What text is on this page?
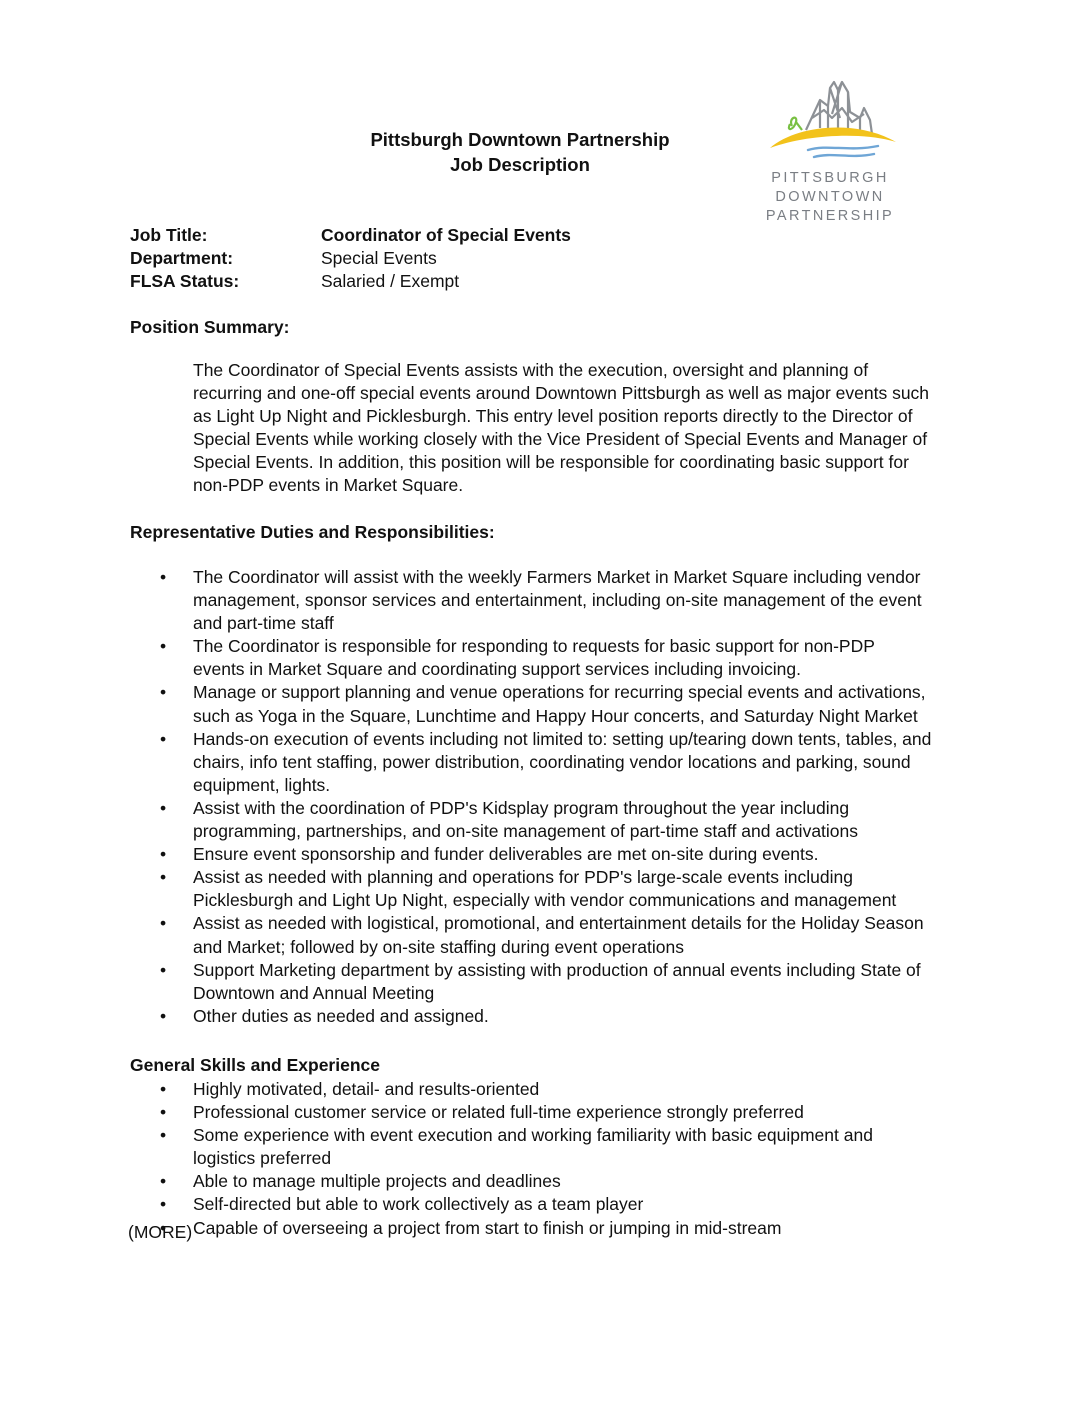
Pittsburgh Downtown Partnership
Job Description
PITTSBURGH
DOWNTOWN
PARTNERSHIP
Job Title:	Coordinator of Special Events
Department:	Special Events
FLSA Status:	Salaried / Exempt
Position Summary:
The Coordinator of Special Events assists with the execution, oversight and planning of
recurring and one-off special events around Downtown Pittsburgh as well as major events such
as Light Up Night and Picklesburgh. This entry level position reports directly to the Director of
Special Events while working closely with the Vice President of Special Events and Manager of
Special Events. In addition, this position will be responsible for coordinating basic support for
non-PDP events in Market Square.
Representative Duties and Responsibilities:
• The Coordinator will assist with the weekly Farmers Market in Market Square including vendor
management, sponsor services and entertainment, including on-site management of the event
and part-time staff
• The Coordinator is responsible for responding to requests for basic support for non-PDP
events in Market Square and coordinating support services including invoicing.
• Manage or support planning and venue operations for recurring special events and activations,
such as Yoga in the Square, Lunchtime and Happy Hour concerts, and Saturday Night Market
• Hands-on execution of events including not limited to: setting up/tearing down tents, tables, and
chairs, info tent staffing, power distribution, coordinating vendor locations and parking, sound
equipment, lights.
• Assist with the coordination of PDP's Kidsplay program throughout the year including
programming, partnerships, and on-site management of part-time staff and activations
• Ensure event sponsorship and funder deliverables are met on-site during events.
• Assist as needed with planning and operations for PDP's large-scale events including
Picklesburgh and Light Up Night, especially with vendor communications and management
• Assist as needed with logistical, promotional, and entertainment details for the Holiday Season
and Market; followed by on-site staffing during event operations
• Support Marketing department by assisting with production of annual events including State of
Downtown and Annual Meeting
• Other duties as needed and assigned.
General Skills and Experience
• Highly motivated, detail- and results-oriented
• Professional customer service or related full-time experience strongly preferred
• Some experience with event execution and working familiarity with basic equipment and
logistics preferred
• Able to manage multiple projects and deadlines
• Self-directed but able to work collectively as a team player
• Capable of overseeing a project from start to finish or jumping in mid-stream
(MORE)
